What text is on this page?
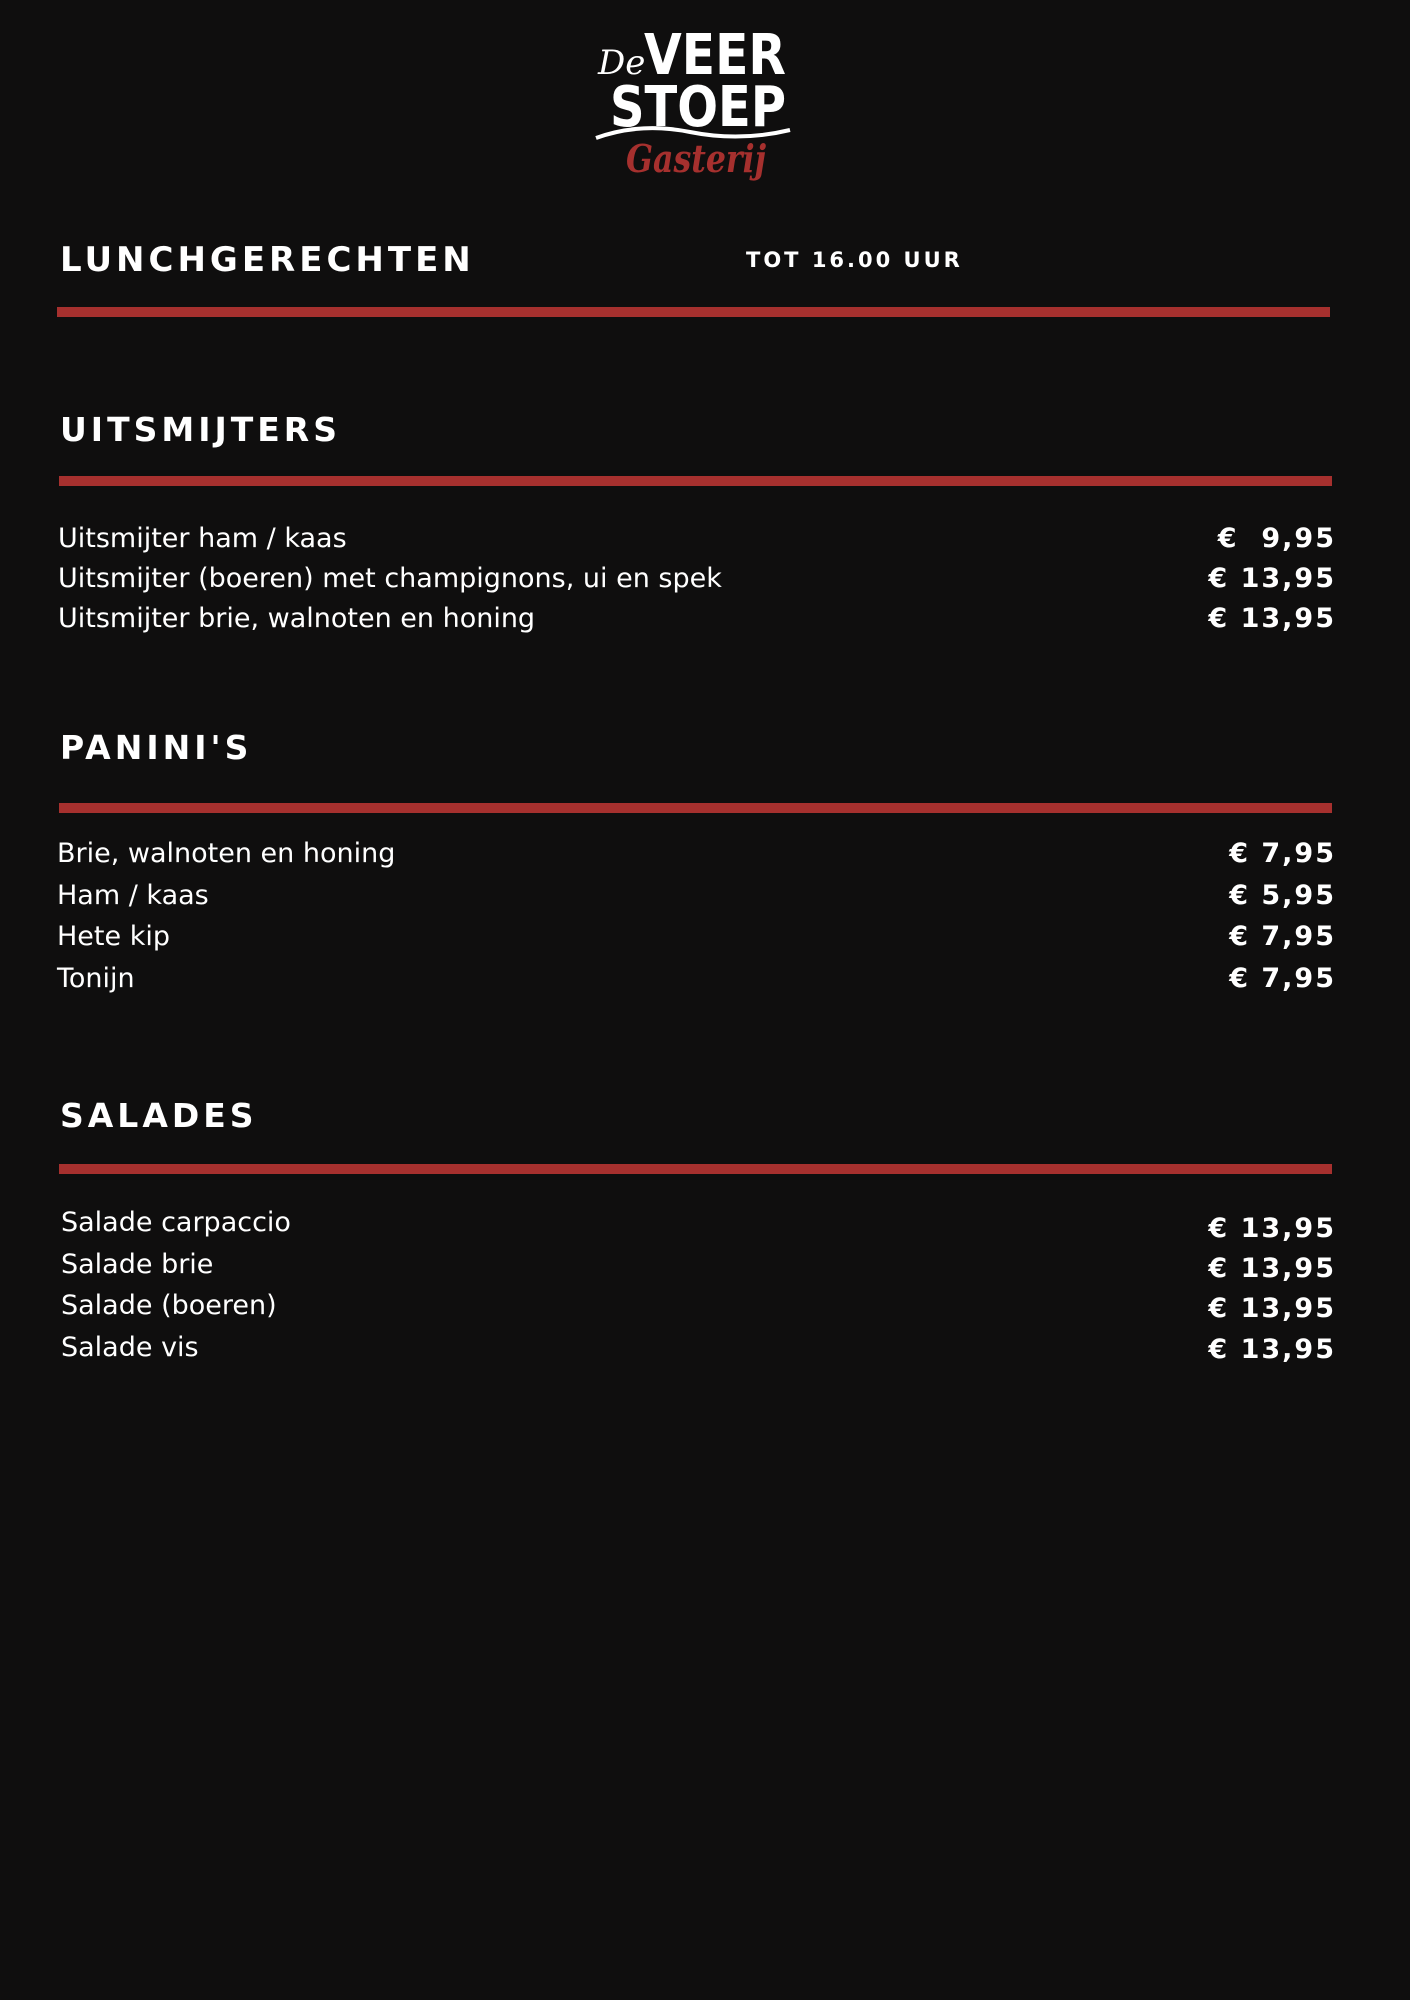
De
VEER
STOEP
Gasterij
LUNCHGERECHTEN	TOT 16.00 UUR
UITSMIJTERS
Uitsmijter ham / kaas	€  9,95
Uitsmijter (boeren) met champignons, ui en spek	€ 13,95
Uitsmijter brie, walnoten en honing	€ 13,95
PANINI'S
Brie, walnoten en honing	€ 7,95
Ham / kaas	€ 5,95
Hete kip	€ 7,95
Tonijn	€ 7,95
SALADES
Salade carpaccio	€ 13,95
Salade brie	€ 13,95
Salade (boeren)	€ 13,95
Salade vis	€ 13,95
